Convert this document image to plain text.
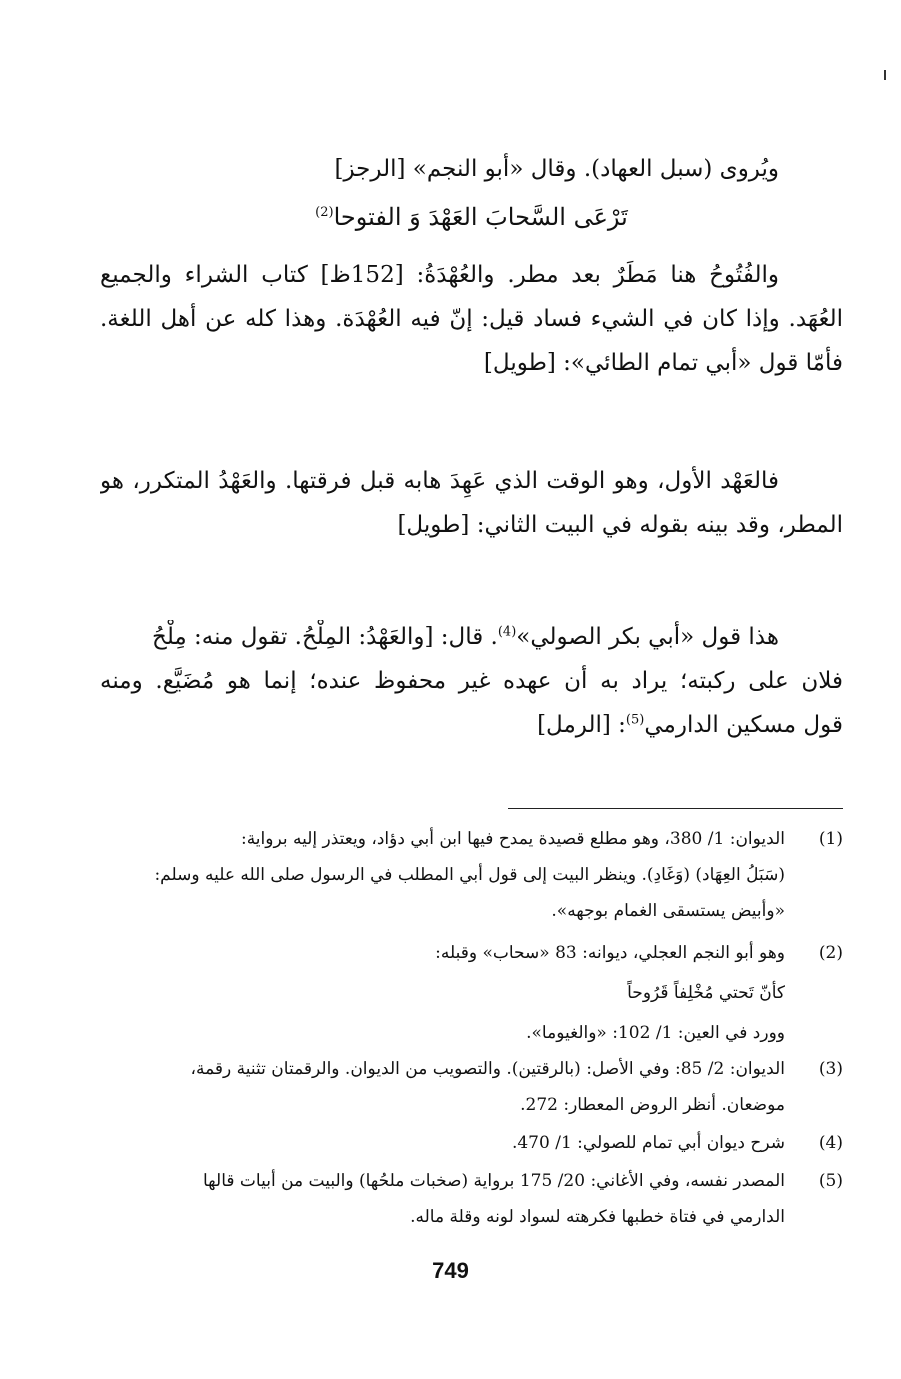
ويُروى (سبل العهاد). وقال «أبو النجم» [الرجز]
تَرْعَى السَّحابَ العَهْدَ وَ الفتوحا$^{(2)}$
والفُتُوحُ هنا مَطَرٌ بعد مطر. والعُهْدَةُ: [152ظ] كتاب الشراء والجميع
العُهَد. وإذا كان في الشيء فساد قيل: إنّ فيه العُهْدَة. وهذا كله عن أهل اللغة.
فأمّا قول «أبي تمام الطائي»: [طويل]
فالعَهْد الأول، وهو الوقت الذي عَهِدَ هابه قبل فرقتها. والعَهْدُ المتكرر، هو
المطر، وقد بينه بقوله في البيت الثاني: [طويل]
هذا قول «أبي بكر الصولي»$^{(4)}$. قال: [والعَهْدُ: المِلْحُ. تقول منه: مِلْحُ
فلان على ركبته؛ يراد به أن عهده غير محفوظ عنده؛ إنما هو مُضَيَّع. ومنه
قول مسكين الدارمي$^{(5)}$: [الرمل]
(1)الديوان: 1/ 380، وهو مطلع قصيدة يمدح فيها ابن أبي دؤاد، ويعتذر إليه برواية:
(سَبَلُ العِهَاد) (وَغَادِ). وينظر البيت إلى قول أبي المطلب في الرسول صلى الله عليه وسلم:
«وأبيض يستسقى الغمام بوجهه».
(2)وهو أبو النجم العجلي، ديوانه: 83 «سحاب» وقبله:
كأنّ تَحتي مُخْلِفاً قَرُوحاً
وورد في العين: 1/ 102: «والغيوما».
(3)الديوان: 2/ 85: وفي الأصل: (بالرقتين). والتصويب من الديوان. والرقمتان تثنية رقمة،
موضعان. أنظر الروض المعطار: 272.
(4)شرح ديوان أبي تمام للصولي: 1/ 470.
(5)المصدر نفسه، وفي الأغاني: 20/ 175 برواية (صخبات ملحُها) والبيت من أبيات قالها
الدارمي في فتاة خطبها فكرهته لسواد لونه وقلة ماله.
749
